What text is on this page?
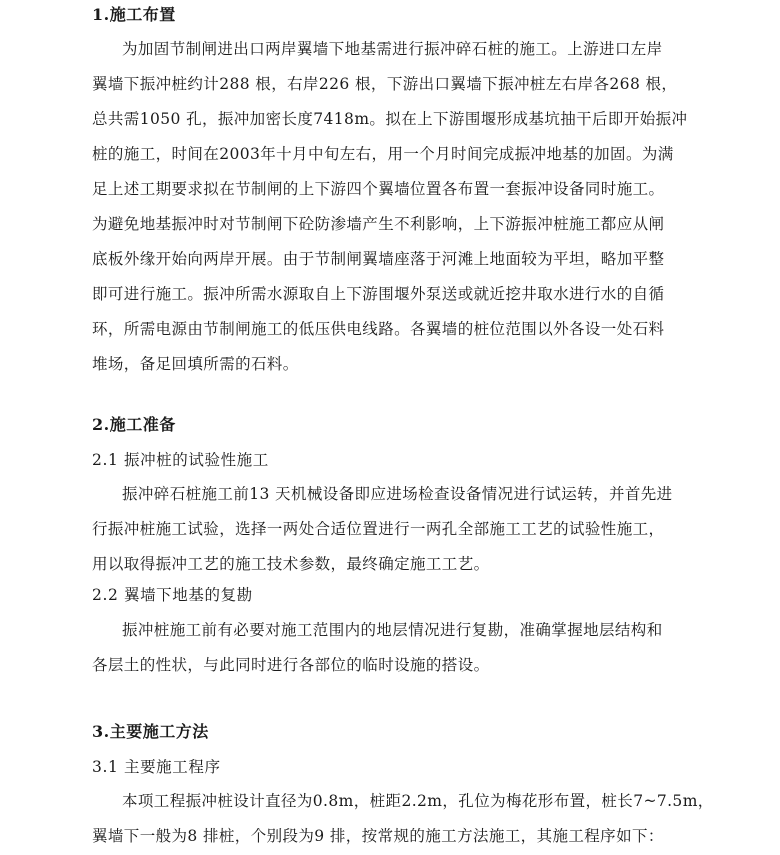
1.施工布置

为加固节制闸进出口两岸翼墙下地基需进行振冲碎石桩的施工。上游进口左岸
翼墙下振冲桩约计288 根，右岸226 根，下游出口翼墙下振冲桩左右岸各268 根，
总共需1050 孔，振冲加密长度7418m。拟在上下游围堰形成基坑抽干后即开始振冲
桩的施工，时间在2003年十月中旬左右，用一个月时间完成振冲地基的加固。为满
足上述工期要求拟在节制闸的上下游四个翼墙位置各布置一套振冲设备同时施工。
为避免地基振冲时对节制闸下砼防渗墙产生不利影响，上下游振冲桩施工都应从闸
底板外缘开始向两岸开展。由于节制闸翼墙座落于河滩上地面较为平坦，略加平整
即可进行施工。振冲所需水源取自上下游围堰外泵送或就近挖井取水进行水的自循
环，所需电源由节制闸施工的低压供电线路。各翼墙的桩位范围以外各设一处石料
堆场，备足回填所需的石料。

2.施工准备
2.1 振冲桩的试验性施工

振冲碎石桩施工前13 天机械设备即应进场检查设备情况进行试运转，并首先进
行振冲桩施工试验，选择一两处合适位置进行一两孔全部施工工艺的试验性施工，
用以取得振冲工艺的施工技术参数，最终确定施工工艺。

2.2 翼墙下地基的复勘

振冲桩施工前有必要对施工范围内的地层情况进行复勘，准确掌握地层结构和
各层土的性状，与此同时进行各部位的临时设施的搭设。

3.主要施工方法
3.1 主要施工程序

本项工程振冲桩设计直径为0.8m，桩距2.2m，孔位为梅花形布置，桩长7~7.5m，
翼墙下一般为8 排桩，个别段为9 排，按常规的施工方法施工，其施工程序如下：
